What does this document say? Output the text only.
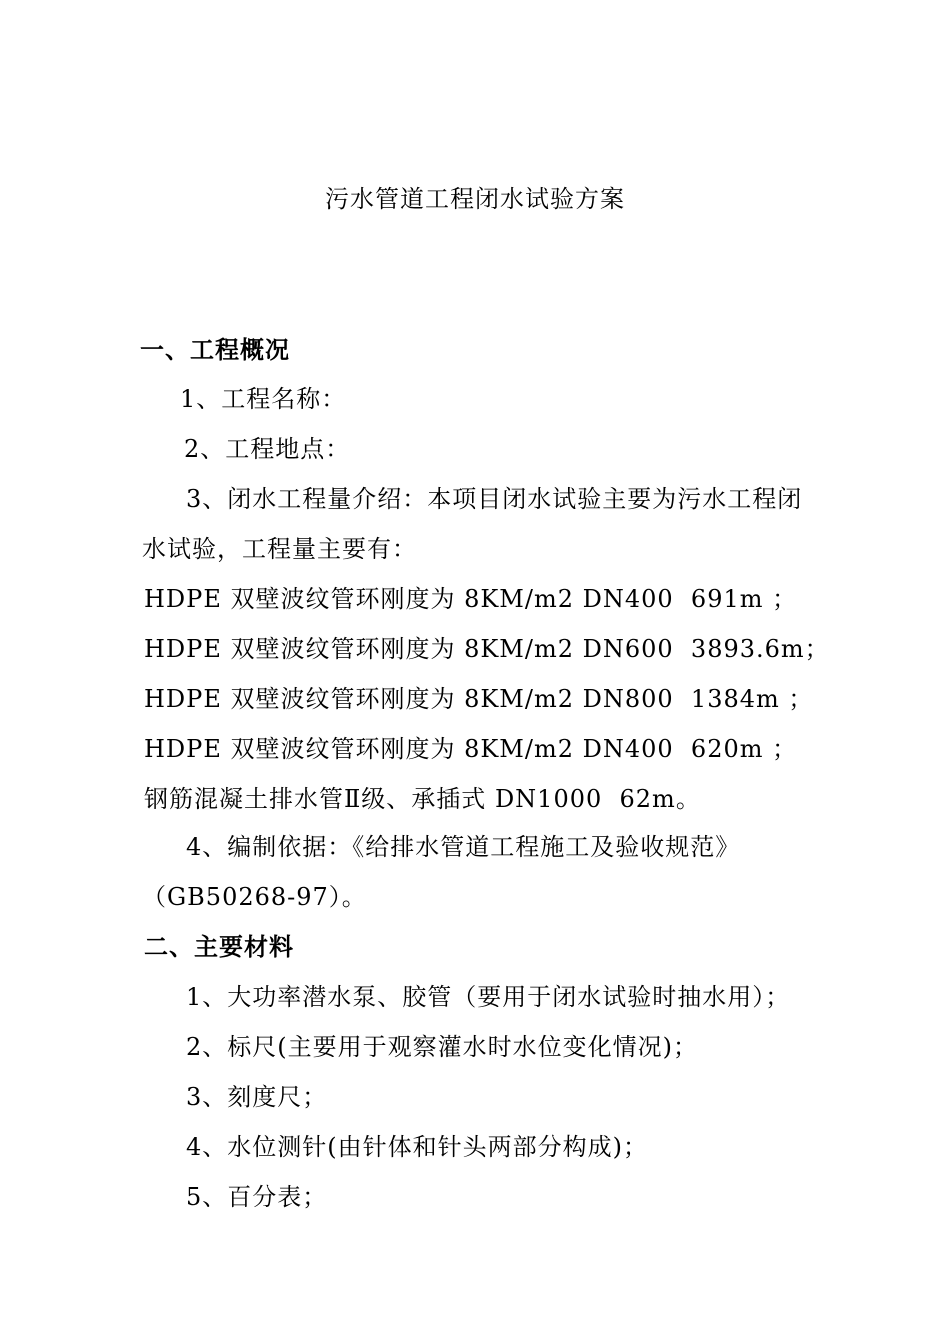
污水管道工程闭水试验方案
一、工程概况
1、工程名称：
2、工程地点：
3、闭水工程量介绍：本项目闭水试验主要为污水工程闭
水试验，工程量主要有：
HDPE 双壁波纹管环刚度为 8KM/m2 DN400  691m ；
HDPE 双壁波纹管环刚度为 8KM/m2 DN600  3893.6m；
HDPE 双壁波纹管环刚度为 8KM/m2 DN800  1384m ；
HDPE 双壁波纹管环刚度为 8KM/m2 DN400  620m ；
钢筋混凝土排水管Ⅱ级、承插式 DN1000  62m。
4、编制依据：《给排水管道工程施工及验收规范》
（GB50268-97）。
二、主要材料
1、大功率潜水泵、胶管（要用于闭水试验时抽水用）；
2、标尺(主要用于观察灌水时水位变化情况)；
3、刻度尺；
4、水位测针(由针体和针头两部分构成)；
5、百分表；
